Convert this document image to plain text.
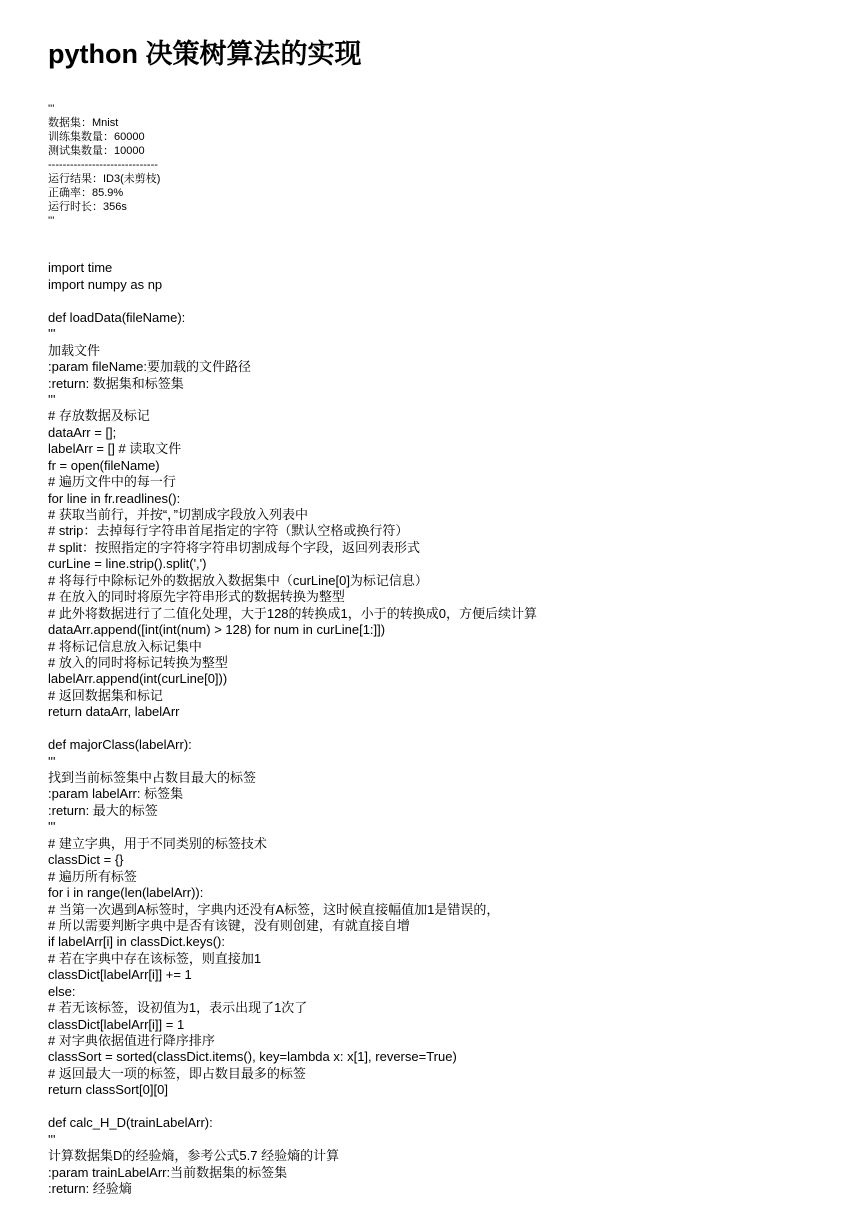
python 决策树算法的实现
'''
数据集：Mnist
训练集数量：60000
测试集数量：10000
------------------------------
运行结果：ID3(未剪枝)
正确率：85.9%
运行时长：356s
'''
import time
import numpy as np
def loadData(fileName):
'''
加载文件
:param fileName:要加载的文件路径
:return: 数据集和标签集
'''
# 存放数据及标记
dataArr = [];
labelArr = [] # 读取文件
fr = open(fileName)
# 遍历文件中的每一行
for line in fr.readlines():
# 获取当前行，并按“，”切割成字段放入列表中
# strip：去掉每行字符串首尾指定的字符（默认空格或换行符）
# split：按照指定的字符将字符串切割成每个字段，返回列表形式
curLine = line.strip().split(',')
# 将每行中除标记外的数据放入数据集中（curLine[0]为标记信息）
# 在放入的同时将原先字符串形式的数据转换为整型
# 此外将数据进行了二值化处理，大于128的转换成1，小于的转换成0，方便后续计算
dataArr.append([int(int(num) > 128) for num in curLine[1:]])
# 将标记信息放入标记集中
# 放入的同时将标记转换为整型
labelArr.append(int(curLine[0]))
# 返回数据集和标记
return dataArr, labelArr
def majorClass(labelArr):
'''
找到当前标签集中占数目最大的标签
:param labelArr: 标签集
:return: 最大的标签
'''
# 建立字典，用于不同类别的标签技术
classDict = {}
# 遍历所有标签
for i in range(len(labelArr)):
# 当第一次遇到A标签时，字典内还没有A标签，这时候直接幅值加1是错误的，
# 所以需要判断字典中是否有该键，没有则创建，有就直接自增
if labelArr[i] in classDict.keys():
# 若在字典中存在该标签，则直接加1
classDict[labelArr[i]] += 1
else:
# 若无该标签，设初值为1，表示出现了1次了
classDict[labelArr[i]] = 1
# 对字典依据值进行降序排序
classSort = sorted(classDict.items(), key=lambda x: x[1], reverse=True)
# 返回最大一项的标签，即占数目最多的标签
return classSort[0][0]
def calc_H_D(trainLabelArr):
'''
计算数据集D的经验熵，参考公式5.7 经验熵的计算
:param trainLabelArr:当前数据集的标签集
:return: 经验熵
